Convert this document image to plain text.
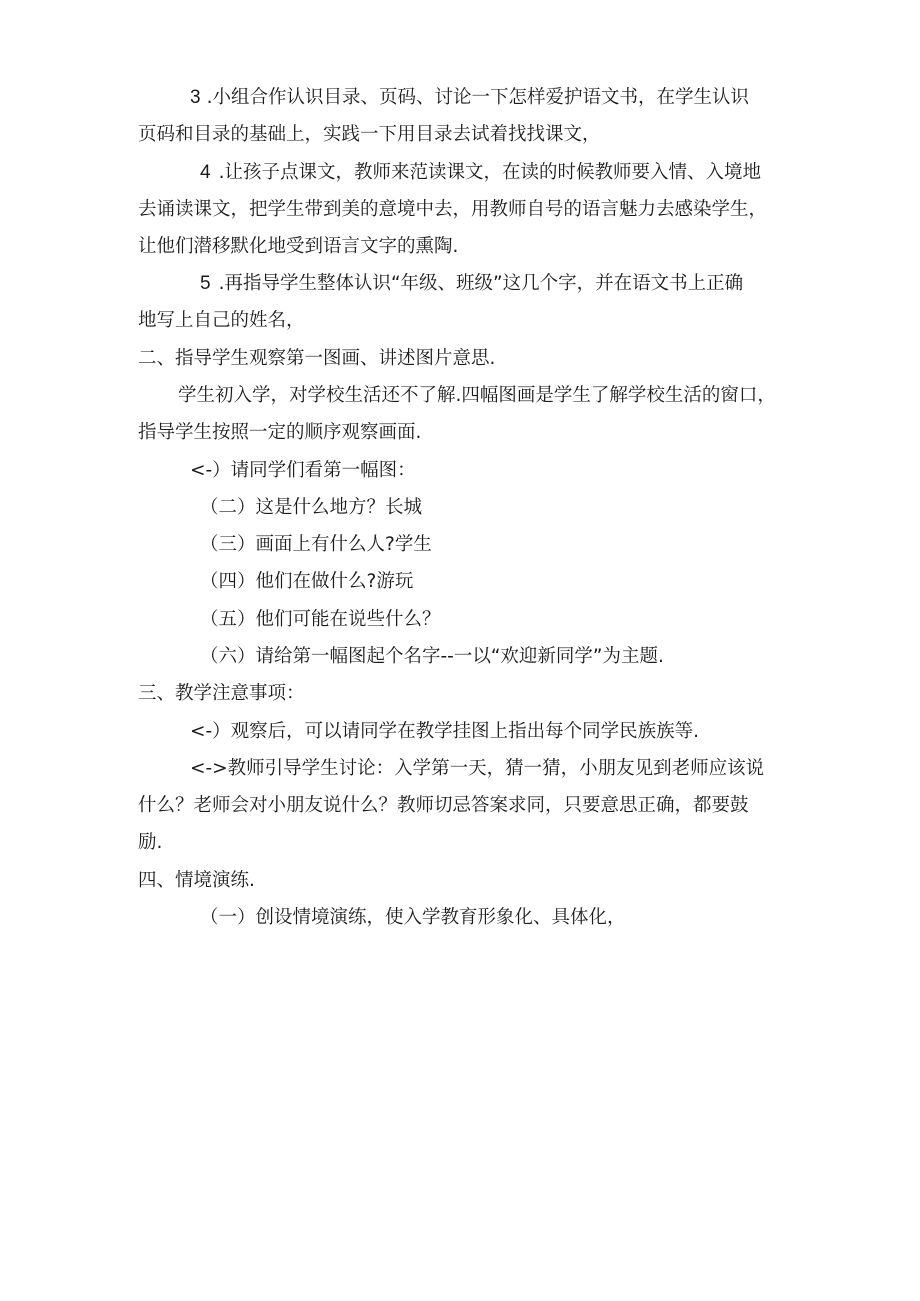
3 .小组合作认识目录、页码、讨论一下怎样爱护语文书，在学生认识
页码和目录的基础上，实践一下用目录去试着找找课文，
4 .让孩子点课文，教师来范读课文，在读的时候教师要入情、入境地
去诵读课文，把学生带到美的意境中去，用教师自号的语言魅力去感染学生，
让他们潜移默化地受到语言文字的熏陶.
5 .再指导学生整体认识“年级、班级”这几个字，并在语文书上正确
地写上自己的姓名，
二、指导学生观察第一图画、讲述图片意思.
学生初入学，对学校生活还不了解.四幅图画是学生了解学校生活的窗口，
指导学生按照一定的顺序观察画面.
<-）请同学们看第一幅图：
（二）这是什么地方？长城
（三）画面上有什么人?学生
（四）他们在做什么?游玩
（五）他们可能在说些什么？
（六）请给第一幅图起个名字--一以“欢迎新同学”为主题.
三、教学注意事项：
<-）观察后，可以请同学在教学挂图上指出每个同学民族族等.
<->教师引导学生讨论：入学第一天，猜一猜，小朋友见到老师应该说
什么？老师会对小朋友说什么？教师切忌答案求同，只要意思正确，都要鼓
励.
四、情境演练.
（一）创设情境演练，使入学教育形象化、具体化，
